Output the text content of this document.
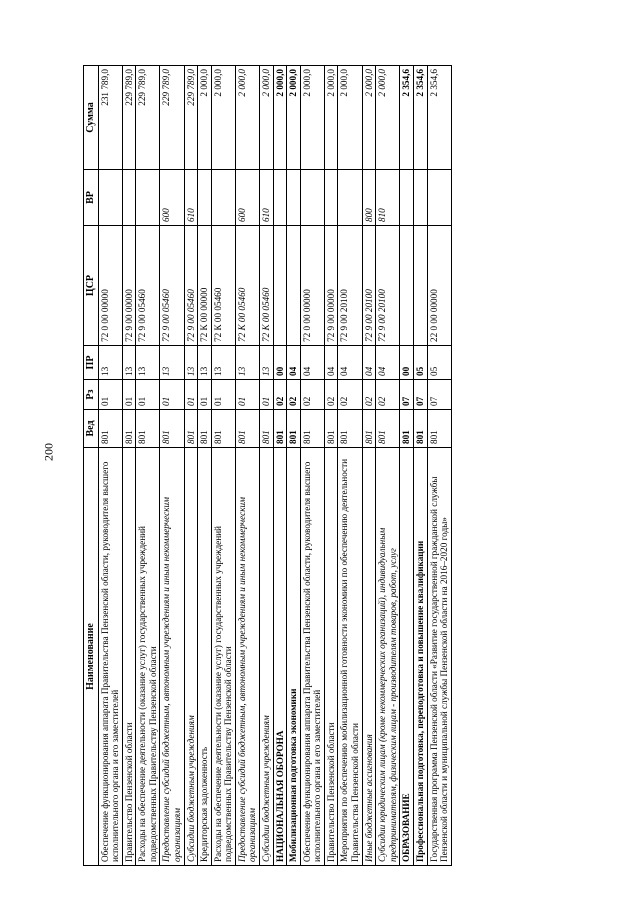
200
Наименование	Вед	Рз	ПР	ЦСР	ВР	Сумма
Обеспечение функционирования аппарата Правительства Пензенской области, руководителя высшего исполнительного органа и его заместителей	801	01	13	72 0 00 00000		231 789,0
Правительство Пензенской области	801	01	13	72 9 00 00000		229 789,0
Расходы на обеспечение деятельности (оказание услуг) государственных учреждений подведомственных Правительству Пензенской области	801	01	13	72 9 00 05460		229 789,0
Предоставление субсидий бюджетным, автономным учреждениям и иным некоммерческим организациям	801	01	13	72 9 00 05460	600	229 789,0
Субсидии бюджетным учреждениям	801	01	13	72 9 00 05460	610	229 789,0
Кредиторская задолженность	801	01	13	72 К 00 00000		2 000,0
Расходы на обеспечение деятельности (оказание услуг) государственных учреждений подведомственных Правительству Пензенской области	801	01	13	72 К 00 05460		2 000,0
Предоставление субсидий бюджетным, автономным учреждениям и иным некоммерческим организациям	801	01	13	72 К 00 05460	600	2 000,0
Субсидии бюджетным учреждениям	801	01	13	72 К 00 05460	610	2 000,0
НАЦИОНАЛЬНАЯ ОБОРОНА	801	02	00			2 000,0
Мобилизационная подготовка экономики	801	02	04			2 000,0
Обеспечение функционирования аппарата Правительства Пензенской области, руководителя высшего исполнительного органа и его заместителей	801	02	04	72 0 00 00000		2 000,0
Правительство Пензенской области	801	02	04	72 9 00 00000		2 000,0
Мероприятия по обеспечению мобилизационной готовности экономики по обеспечению деятельности Правительства Пензенской области	801	02	04	72 9 00 20100		2 000,0
Иные бюджетные ассигнования	801	02	04	72 9 00 20100	800	2 000,0
Субсидии юридическим лицам (кроме некоммерческих организаций), индивидуальным предпринимателям, физическим лицам - производителям товаров, работ, услуг	801	02	04	72 9 00 20100	810	2 000,0
ОБРАЗОВАНИЕ	801	07	00			2 354,6
Профессиональная подготовка, переподготовка и повышение квалификации	801	07	05			2 354,6
Государственная программа Пензенской области «Развитие государственной гражданской службы Пензенской области и муниципальной службы Пензенской области на 2016–2020 годы»	801	07	05	22 0 00 00000		2 354,6
